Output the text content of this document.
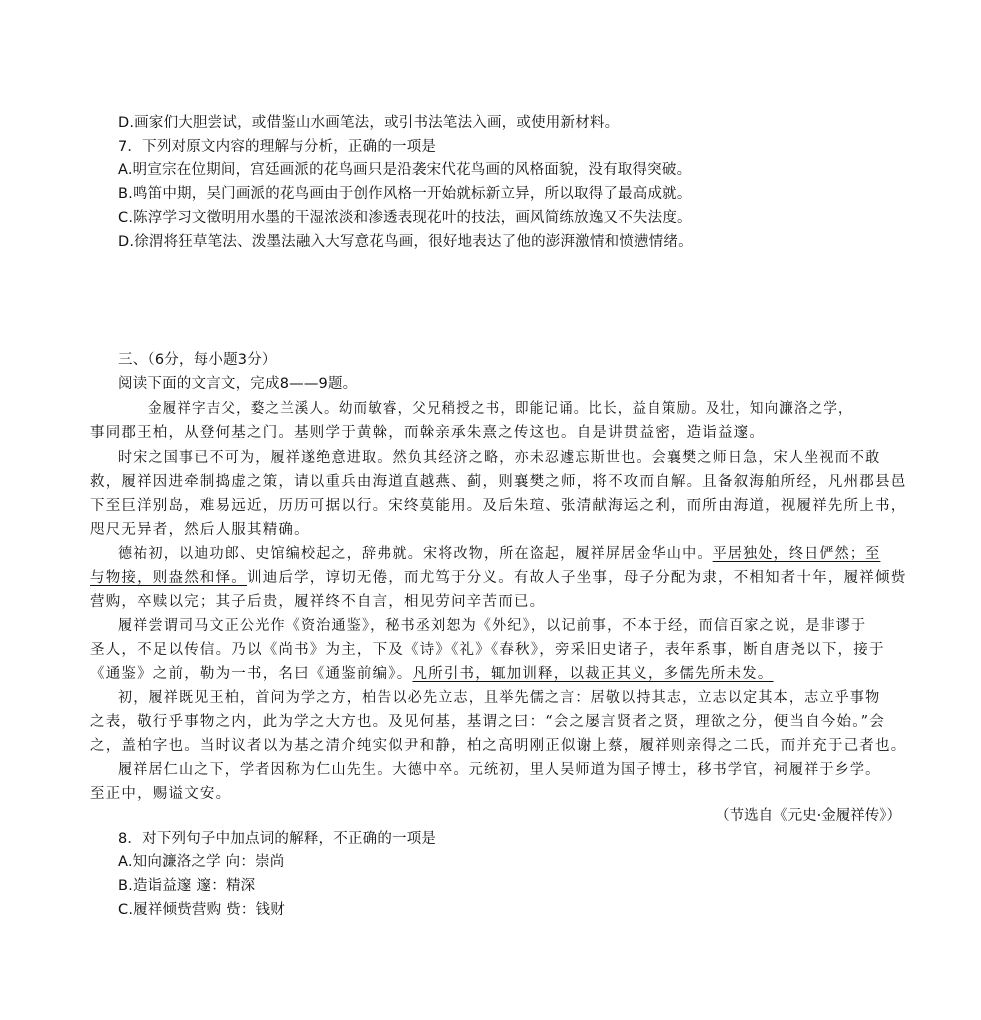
D.画家们大胆尝试，或借鉴山水画笔法，或引书法笔法入画，或使用新材料。
7．下列对原文内容的理解与分析，正确的一项是
A.明宣宗在位期间，宫廷画派的花鸟画只是沿袭宋代花鸟画的风格面貌，没有取得突破。
B.鸣笛中期，吴门画派的花鸟画由于创作风格一开始就标新立异，所以取得了最高成就。
C.陈淳学习文徵明用水墨的干湿浓淡和渗透表现花叶的技法，画风简练放逸又不失法度。
D.徐渭将狂草笔法、泼墨法融入大写意花鸟画，很好地表达了他的澎湃激情和愤懑情绪。
三、（6分，每小题3分）
阅读下面的文言文，完成8——9题。
金履祥字吉父，婺之兰溪人。幼而敏睿，父兄稍授之书，即能记诵。比长，益自策励。及壮，知向濂洛之学，
事同郡王柏，从登何基之门。基则学于黄榦，而榦亲承朱熹之传这也。自是讲贯益密，造诣益邃。
时宋之国事已不可为，履祥遂绝意进取。然负其经济之略，亦未忍遽忘斯世也。会襄樊之师日急，宋人坐视而不敢
救，履祥因进牵制捣虚之策，请以重兵由海道直越燕、蓟，则襄樊之师，将不攻而自解。且备叙海舶所经，凡州郡县邑
下至巨洋别岛，难易远近，历历可据以行。宋终莫能用。及后朱瑄、张清献海运之利，而所由海道，视履祥先所上书，
咫尺无异者，然后人服其精确。
德祐初，以迪功郎、史馆编校起之，辞弗就。宋将改物，所在盗起，履祥屏居金华山中。平居独处，终日俨然；至
与物接，则盎然和怿。训迪后学，谆切无倦，而尤笃于分义。有故人子坐事，母子分配为隶，不相知者十年，履祥倾赀
营购，卒赎以完；其子后贵，履祥终不自言，相见劳问辛苦而已。
履祥尝谓司马文正公光作《资治通鉴》，秘书丞刘恕为《外纪》，以记前事，不本于经，而信百家之说，是非谬于
圣人，不足以传信。乃以《尚书》为主，下及《诗》《礼》《春秋》，旁采旧史诸子，表年系事，断自唐尧以下，接于
《通鉴》之前，勒为一书，名曰《通鉴前编》。凡所引书，辄加训释，以裁正其义，多儒先所未发。
初，履祥既见王柏，首问为学之方，柏告以必先立志，且举先儒之言：居敬以持其志，立志以定其本，志立乎事物
之表，敬行乎事物之内，此为学之大方也。及见何基，基谓之曰：“会之屡言贤者之贤，理欲之分，便当自今始。”会
之，盖柏字也。当时议者以为基之清介纯实似尹和静，柏之高明刚正似谢上蔡，履祥则亲得之二氏，而并充于己者也。
履祥居仁山之下，学者因称为仁山先生。大德中卒。元统初，里人吴师道为国子博士，移书学官，祠履祥于乡学。
至正中，赐谥文安。
（节选自《元史·金履祥传》）
8．对下列句子中加点词的解释，不正确的一项是
A.知向濂洛之学 向：崇尚
B.造诣益邃 邃：精深
C.履祥倾赀营购 赀：钱财
